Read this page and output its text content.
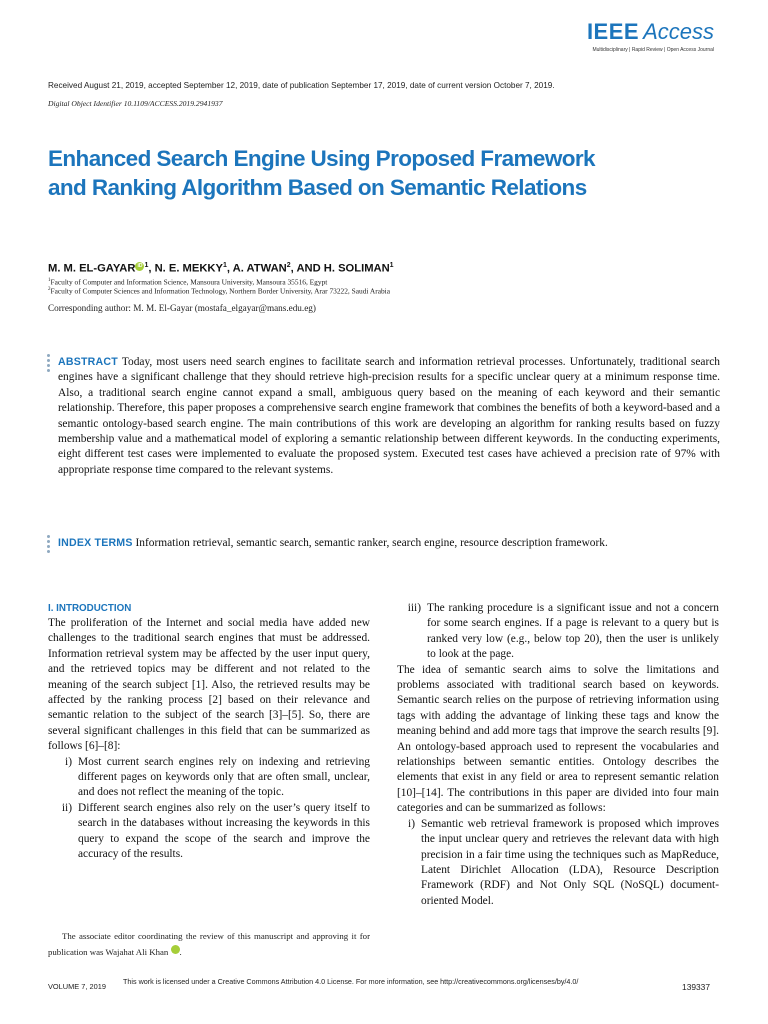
IEEE Access
Multidisciplinary | Rapid Review | Open Access Journal
Received August 21, 2019, accepted September 12, 2019, date of publication September 17, 2019, date of current version October 7, 2019.
Digital Object Identifier 10.1109/ACCESS.2019.2941937
Enhanced Search Engine Using Proposed Framework and Ranking Algorithm Based on Semantic Relations
M. M. EL-GAYAR iD $^1$, N. E. MEKKY$^1$, A. ATWAN$^2$, AND H. SOLIMAN$^1$
$^1$Faculty of Computer and Information Science, Mansoura University, Mansoura 35516, Egypt
$^2$Faculty of Computer Sciences and Information Technology, Northern Border University, Arar 73222, Saudi Arabia
Corresponding author: M. M. El-Gayar (mostafa_elgayar@mans.edu.eg)
ABSTRACT Today, most users need search engines to facilitate search and information retrieval processes. Unfortunately, traditional search engines have a significant challenge that they should retrieve high-precision results for a specific unclear query at a minimum response time. Also, a traditional search engine cannot expand a small, ambiguous query based on the meaning of each keyword and their semantic relationship. Therefore, this paper proposes a comprehensive search engine framework that combines the benefits of both a keyword-based and a semantic ontology-based search engine. The main contributions of this work are developing an algorithm for ranking results based on fuzzy membership value and a mathematical model of exploring a semantic relationship between different keywords. In the conducting experiments, eight different test cases were implemented to evaluate the proposed system. Executed test cases have achieved a precision rate of 97% with appropriate response time compared to the relevant systems.
INDEX TERMS Information retrieval, semantic search, semantic ranker, search engine, resource description framework.
I. INTRODUCTION

The proliferation of the Internet and social media have added new challenges to the traditional search engines that must be addressed. Information retrieval system may be affected by the user input query, and the retrieved topics may be different and not related to the meaning of the search subject [1]. Also, the retrieved results may be affected by the ranking process [2] based on their relevance and semantic relation to the subject of the search [3]–[5]. So, there are several significant challenges in this field that can be summarized as follows [6]–[8]:

i) Most current search engines rely on indexing and retrieving different pages on keywords only that are often small, unclear, and does not reflect the meaning of the topic.
ii) Different search engines also rely on the user’s query itself to search in the databases without increasing the keywords in this query to expand the scope of the search and improve the accuracy of the results.
iii) The ranking procedure is a significant issue and not a concern for some search engines. If a page is relevant to a query but is ranked very low (e.g., below top 20), then the user is unlikely to look at the page.

The idea of semantic search aims to solve the limitations and problems associated with traditional search based on keywords. Semantic search relies on the purpose of retrieving information using tags with adding the advantage of linking these tags and know the meaning behind and add more tags that improve the search results [9]. An ontology-based approach used to represent the vocabularies and relationships between semantic entities. Ontology describes the elements that exist in any field or area to represent semantic relation [10]–[14]. The contributions in this paper are divided into four main categories and can be summarized as follows:

i) Semantic web retrieval framework is proposed which improves the input unclear query and retrieves the relevant data with high precision in a fair time using the techniques such as MapReduce, Latent Dirichlet Allocation (LDA), Resource Description Framework (RDF) and Not Only SQL (NoSQL) document-oriented Model.

The associate editor coordinating the review of this manuscript and approving it for publication was Wajahat Ali Khan	iD.

VOLUME 7, 2019
This work is licensed under a Creative Commons Attribution 4.0 License. For more information, see http://creativecommons.org/licenses/by/4.0/
139337
